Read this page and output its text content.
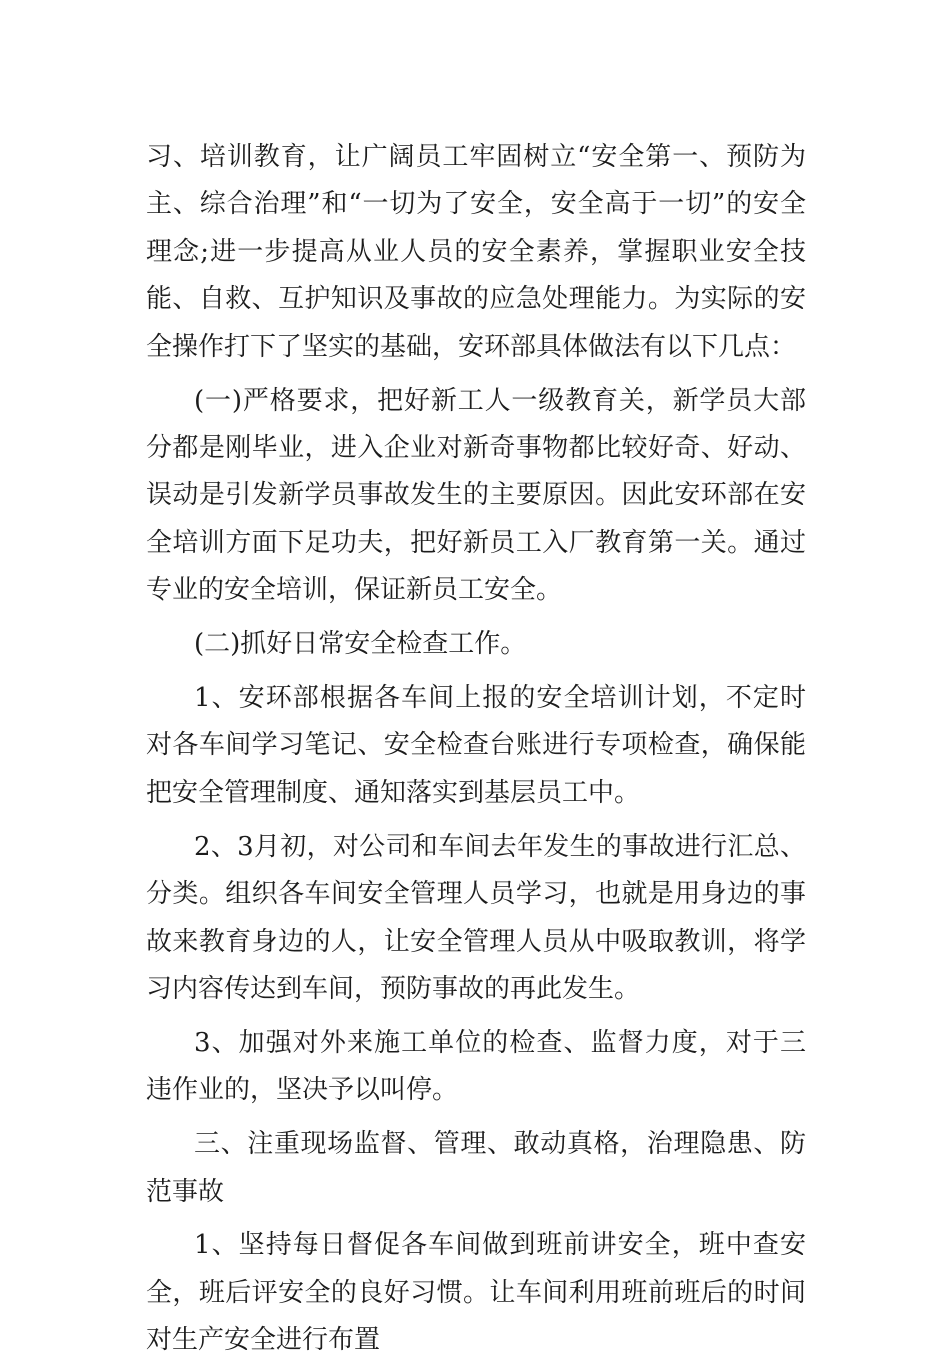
习、培训教育，让广阔员工牢固树立“安全第一、预防为主、综合治理”和“一切为了安全，安全高于一切”的安全理念;进一步提高从业人员的安全素养，掌握职业安全技能、自救、互护知识及事故的应急处理能力。为实际的安全操作打下了坚实的基础，安环部具体做法有以下几点：

(一)严格要求，把好新工人一级教育关，新学员大部分都是刚毕业，进入企业对新奇事物都比较好奇、好动、误动是引发新学员事故发生的主要原因。因此安环部在安全培训方面下足功夫，把好新员工入厂教育第一关。通过专业的安全培训，保证新员工安全。

(二)抓好日常安全检查工作。

1、安环部根据各车间上报的安全培训计划，不定时对各车间学习笔记、安全检查台账进行专项检查，确保能把安全管理制度、通知落实到基层员工中。

2、3月初，对公司和车间去年发生的事故进行汇总、分类。组织各车间安全管理人员学习，也就是用身边的事故来教育身边的人，让安全管理人员从中吸取教训，将学习内容传达到车间，预防事故的再此发生。

3、加强对外来施工单位的检查、监督力度，对于三违作业的，坚决予以叫停。

三、注重现场监督、管理、敢动真格，治理隐患、防范事故

1、坚持每日督促各车间做到班前讲安全，班中查安全，班后评安全的良好习惯。让车间利用班前班后的时间对生产安全进行布置
